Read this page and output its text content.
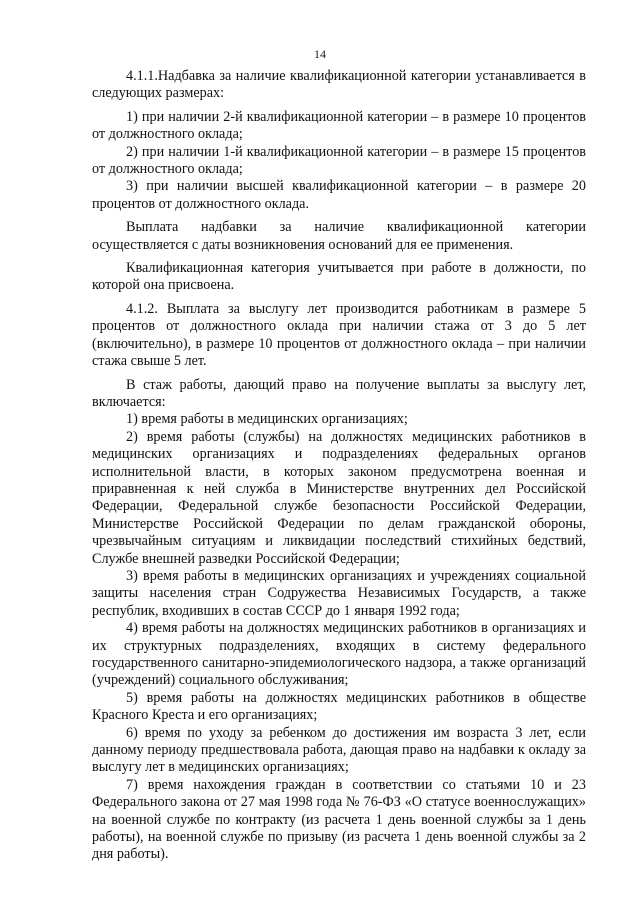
14

4.1.1.Надбавка за наличие квалификационной категории устанавливается в следующих размерах:

1) при наличии 2-й квалификационной категории – в размере 10 процентов от должностного оклада;

2) при наличии 1-й квалификационной категории – в размере 15 процентов от должностного оклада;

3) при наличии высшей квалификационной категории – в размере 20 процентов от должностного оклада.

Выплата надбавки за наличие квалификационной категории осуществляется с даты возникновения оснований для ее применения.

Квалификационная категория учитывается при работе в должности, по которой она присвоена.

4.1.2. Выплата за выслугу лет производится работникам в размере 5 процентов от должностного оклада при наличии стажа от 3 до 5 лет (включительно), в размере 10 процентов от должностного оклада – при наличии стажа свыше 5 лет.

В стаж работы, дающий право на получение выплаты за выслугу лет, включается:

1) время работы в медицинских организациях;

2) время работы (службы) на должностях медицинских работников в медицинских организациях и подразделениях федеральных органов исполнительной власти, в которых законом предусмотрена военная и приравненная к ней служба в Министерстве внутренних дел Российской Федерации, Федеральной службе безопасности Российской Федерации, Министерстве Российской Федерации по делам гражданской обороны, чрезвычайным ситуациям и ликвидации последствий стихийных бедствий, Службе внешней разведки Российской Федерации;

3) время работы в медицинских организациях и учреждениях социальной защиты населения стран Содружества Независимых Государств, а также республик, входивших в состав СССР до 1 января 1992 года;

4) время работы на должностях медицинских работников в организациях и их структурных подразделениях, входящих в систему федерального государственного санитарно-эпидемиологического надзора, а также организаций (учреждений) социального обслуживания;

5) время работы на должностях медицинских работников в обществе Красного Креста и его организациях;

6) время по уходу за ребенком до достижения им возраста 3 лет, если данному периоду предшествовала работа, дающая право на надбавки к окладу за выслугу лет в медицинских организациях;

7) время нахождения граждан в соответствии со статьями 10 и 23 Федерального закона от 27 мая 1998 года № 76-ФЗ «О статусе военнослужащих» на военной службе по контракту (из расчета 1 день военной службы за 1 день работы), на военной службе по призыву (из расчета 1 день военной службы за 2 дня работы).
